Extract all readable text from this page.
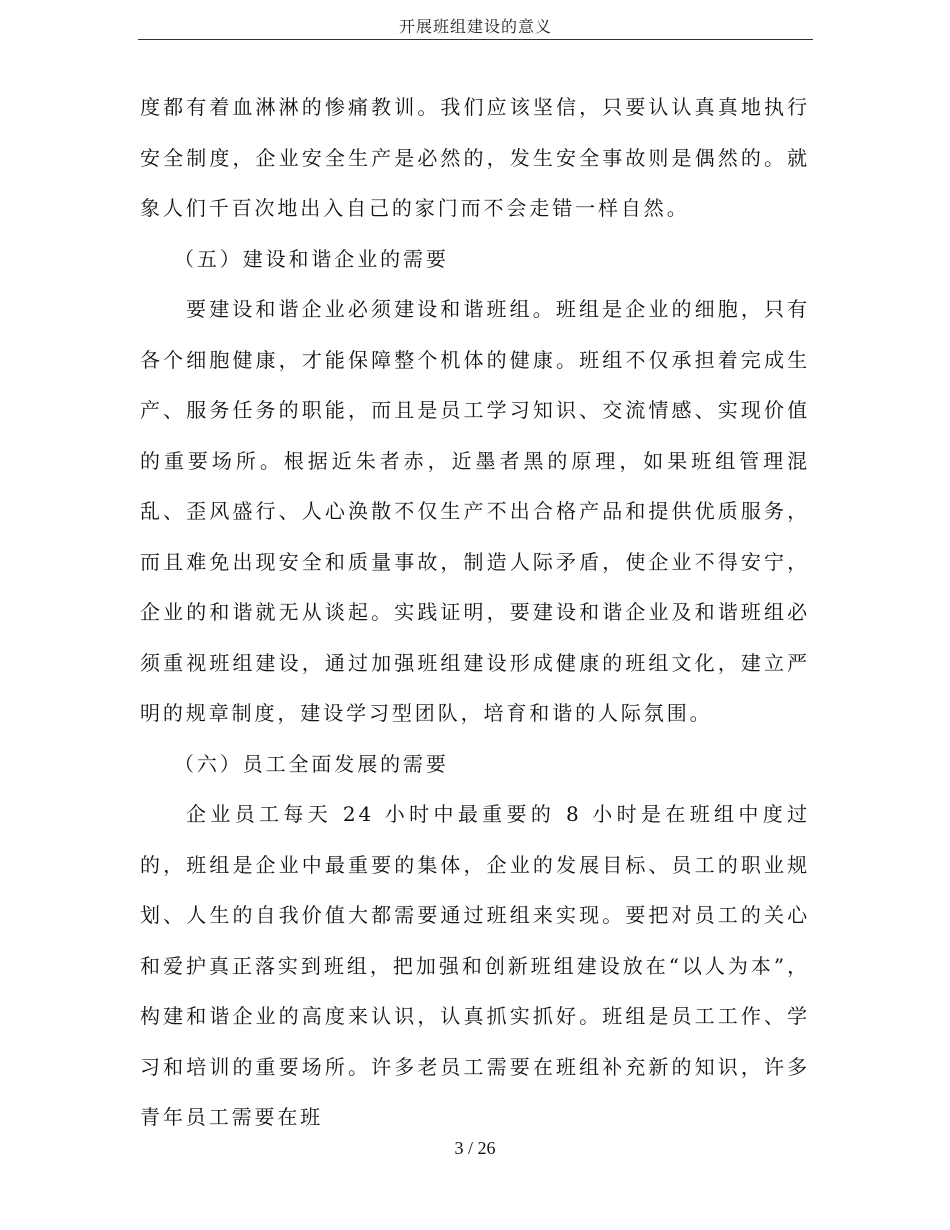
开展班组建设的意义

度都有着血淋淋的惨痛教训。我们应该坚信，只要认认真真地执行安全制度，企业安全生产是必然的，发生安全事故则是偶然的。就象人们千百次地出入自己的家门而不会走错一样自然。

（五）建设和谐企业的需要

要建设和谐企业必须建设和谐班组。班组是企业的细胞，只有各个细胞健康，才能保障整个机体的健康。班组不仅承担着完成生产、服务任务的职能，而且是员工学习知识、交流情感、实现价值的重要场所。根据近朱者赤，近墨者黑的原理，如果班组管理混乱、歪风盛行、人心涣散不仅生产不出合格产品和提供优质服务，而且难免出现安全和质量事故，制造人际矛盾，使企业不得安宁，企业的和谐就无从谈起。实践证明，要建设和谐企业及和谐班组必须重视班组建设，通过加强班组建设形成健康的班组文化，建立严明的规章制度，建设学习型团队，培育和谐的人际氛围。

（六）员工全面发展的需要

企业员工每天 24 小时中最重要的 8 小时是在班组中度过的，班组是企业中最重要的集体，企业的发展目标、员工的职业规划、人生的自我价值大都需要通过班组来实现。要把对员工的关心和爱护真正落实到班组，把加强和创新班组建设放在“以人为本”，构建和谐企业的高度来认识，认真抓实抓好。班组是员工工作、学习和培训的重要场所。许多老员工需要在班组补充新的知识，许多青年员工需要在班

3 / 26
